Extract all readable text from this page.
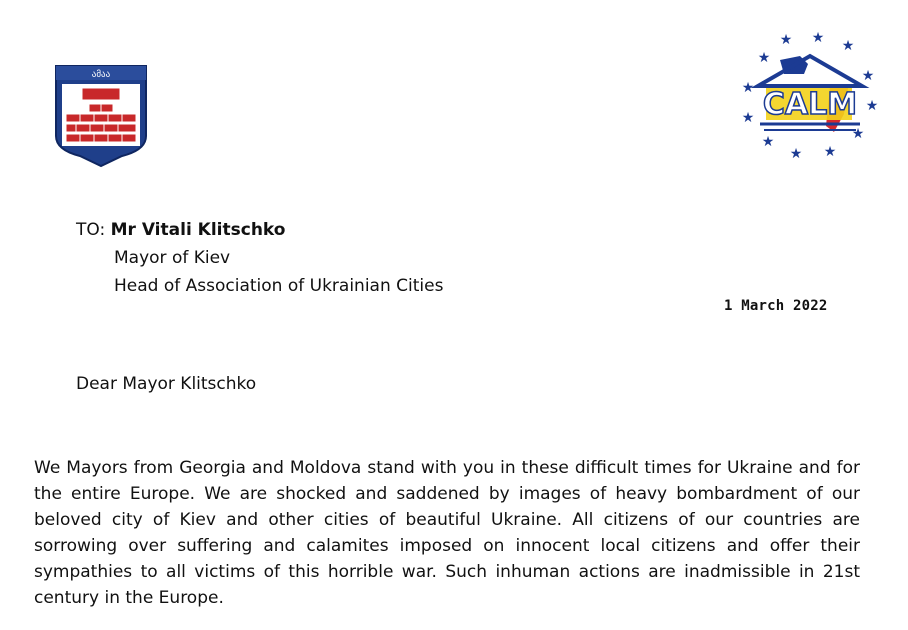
ამაა
★ ★ ★
★
★
★
★
★
★
★
★ ★
CALM
TO: Mr Vitali Klitschko
Mayor of Kiev
Head of Association of Ukrainian Cities
1 March 2022
Dear Mayor Klitschko
We Mayors from Georgia and Moldova stand with you in these difficult times for Ukraine and for the entire Europe. We are shocked and saddened by images of heavy bombardment of our beloved city of Kiev and other cities of beautiful Ukraine. All citizens of our countries are sorrowing over suffering and calamites imposed on innocent local citizens and offer their sympathies to all victims of this horrible war. Such inhuman actions are inadmissible in 21st century in the Europe.
